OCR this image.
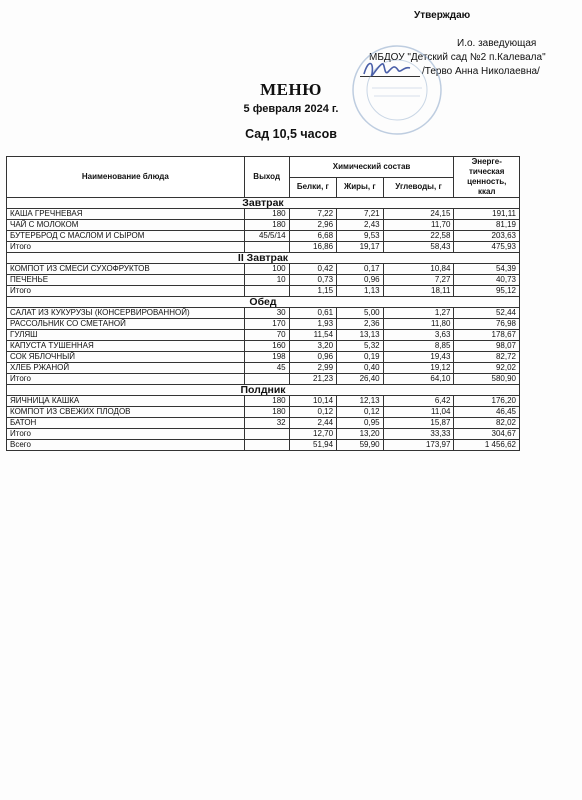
Утверждаю
И.о. заведующая
МБДОУ "Детский сад №2 п.Калевала"
/Терво Анна Николаевна/
МЕНЮ
5 февраля 2024 г.
Сад 10,5 часов
Наименование блюда	Выход	Химический состав			Энерге- тическая ценность, ккал
		Белки, г	Жиры, г	Углеводы, г	
Завтрак					
КАША ГРЕЧНЕВАЯ	180	7,22	7,21	24,15	191,11
ЧАЙ С МОЛОКОМ	180	2,96	2,43	11,70	81,19
БУТЕРБРОД С МАСЛОМ И СЫРОМ	45/5/14	6,68	9,53	22,58	203,63
Итого		16,86	19,17	58,43	475,93
II Завтрак					
КОМПОТ ИЗ СМЕСИ СУХОФРУКТОВ	100	0,42	0,17	10,84	54,39
ПЕЧЕНЬЕ	10	0,73	0,96	7,27	40,73
Итого		1,15	1,13	18,11	95,12
Обед					
САЛАТ ИЗ КУКУРУЗЫ (КОНСЕРВИРОВАННОЙ)	30	0,61	5,00	1,27	52,44
РАССОЛЬНИК СО СМЕТАНОЙ	170	1,93	2,36	11,80	76,98
ГУЛЯШ	70	11,54	13,13	3,63	178,67
КАПУСТА ТУШЕННАЯ	160	3,20	5,32	8,85	98,07
СОК ЯБЛОЧНЫЙ	198	0,96	0,19	19,43	82,72
ХЛЕБ РЖАНОЙ	45	2,99	0,40	19,12	92,02
Итого		21,23	26,40	64,10	580,90
Полдник					
ЯИЧНИЦА КАШКА	180	10,14	12,13	6,42	176,20
КОМПОТ ИЗ СВЕЖИХ ПЛОДОВ	180	0,12	0,12	11,04	46,45
БАТОН	32	2,44	0,95	15,87	82,02
Итого		12,70	13,20	33,33	304,67
Всего		51,94	59,90	173,97	1 456,62
